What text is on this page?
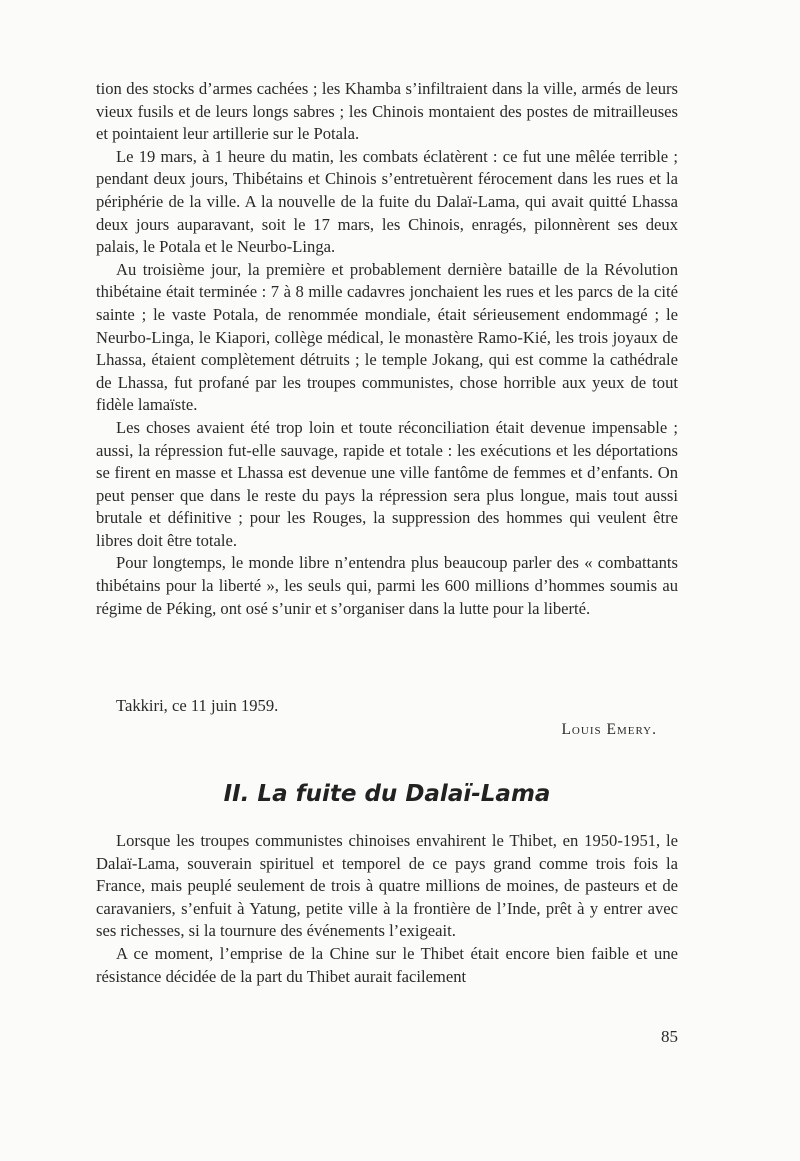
tion des stocks d’armes cachées ; les Khamba s’infiltraient dans la ville, armés de leurs vieux fusils et de leurs longs sabres ; les Chinois montaient des postes de mitrailleuses et pointaient leur artillerie sur le Potala.

Le 19 mars, à 1 heure du matin, les combats éclatèrent : ce fut une mêlée terrible ; pendant deux jours, Thibétains et Chinois s’entretuèrent férocement dans les rues et la périphérie de la ville. A la nouvelle de la fuite du Dalaï-Lama, qui avait quitté Lhassa deux jours auparavant, soit le 17 mars, les Chinois, enragés, pilonnèrent ses deux palais, le Potala et le Neurbo-Linga.

Au troisième jour, la première et probablement dernière bataille de la Révolution thibétaine était terminée : 7 à 8 mille cadavres jonchaient les rues et les parcs de la cité sainte ; le vaste Potala, de renommée mondiale, était sérieusement endommagé ; le Neurbo-Linga, le Kiapori, collège médical, le monastère Ramo-Kié, les trois joyaux de Lhassa, étaient complètement détruits ; le temple Jokang, qui est comme la cathédrale de Lhassa, fut profané par les troupes communistes, chose horrible aux yeux de tout fidèle lamaïste.

Les choses avaient été trop loin et toute réconciliation était devenue impensable ; aussi, la répression fut-elle sauvage, rapide et totale : les exécutions et les déportations se firent en masse et Lhassa est devenue une ville fantôme de femmes et d’enfants. On peut penser que dans le reste du pays la répression sera plus longue, mais tout aussi brutale et définitive ; pour les Rouges, la suppression des hommes qui veulent être libres doit être totale.

Pour longtemps, le monde libre n’entendra plus beaucoup parler des « combattants thibétains pour la liberté », les seuls qui, parmi les 600 millions d’hommes soumis au régime de Péking, ont osé s’unir et s’organiser dans la lutte pour la liberté.

Takkiri, ce 11 juin 1959.
Louis Emery.
II. La fuite du Dalaï-Lama

Lorsque les troupes communistes chinoises envahirent le Thibet, en 1950-1951, le Dalaï-Lama, souverain spirituel et temporel de ce pays grand comme trois fois la France, mais peuplé seulement de trois à quatre millions de moines, de pasteurs et de caravaniers, s’enfuit à Yatung, petite ville à la frontière de l’Inde, prêt à y entrer avec ses richesses, si la tournure des événements l’exigeait.

A ce moment, l’emprise de la Chine sur le Thibet était encore bien faible et une résistance décidée de la part du Thibet aurait facilement

85
